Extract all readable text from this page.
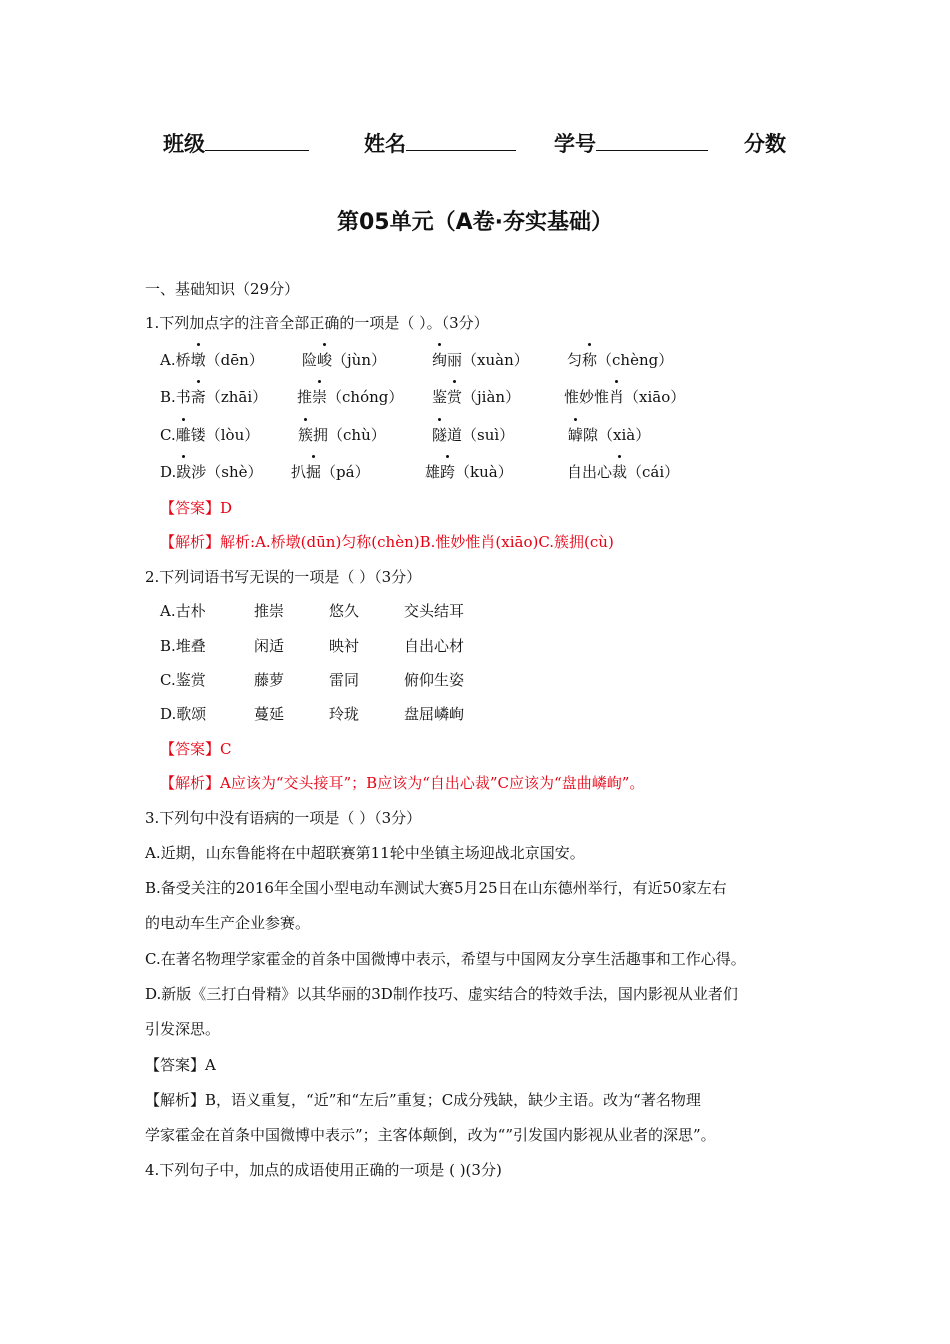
班级	姓名	学号	分数
第05单元（A卷·夯实基础）
一、基础知识（29分）
1.下列加点字的注音全部正确的一项是（ ）。（3分）
A.桥墩（dēn）	险峻（jùn）	绚丽（xuàn）	匀称（chèng）
B.书斋（zhāi） 推崇（chóng） 鉴赏（jiàn）	惟妙惟肖（xiāo）
C.雕镂（lòu）	簇拥（chù）	隧道（suì）	罅隙（xià）
D.跋涉（shè） 扒掘（pá）	雄跨（kuà）	自出心裁（cái）
【答案】D
【解析】解析:A.桥墩(dūn)匀称(chèn)B.惟妙惟肖(xiāo)C.簇拥(cù)
2.下列词语书写无误的一项是（ ）（3分）
A.古朴	推崇	悠久	交头结耳
B.堆叠	闲适	映衬	自出心材
C.鉴赏	藤萝	雷同	俯仰生姿
D.歌颂	蔓延	玲珑	盘屈嶙峋
【答案】C
【解析】A应该为“交头接耳”；B应该为“自出心裁”C应该为“盘曲嶙峋”。
3.下列句中没有语病的一项是（ ）（3分）
A.近期，山东鲁能将在中超联赛第11轮中坐镇主场迎战北京国安。
B.备受关注的2016年全国小型电动车测试大赛5月25日在山东德州举行，有近50家左右
的电动车生产企业参赛。
C.在著名物理学家霍金的首条中国微博中表示，希望与中国网友分享生活趣事和工作心得。
D.新版《三打白骨精》以其华丽的3D制作技巧、虚实结合的特效手法，国内影视从业者们
引发深思。
【答案】A
【解析】B，语义重复，“近”和“左后”重复；C成分残缺，缺少主语。改为“著名物理
学家霍金在首条中国微博中表示”；主客体颠倒，改为“”引发国内影视从业者的深思”。
4.下列句子中，加点的成语使用正确的一项是 ( )(3分)
